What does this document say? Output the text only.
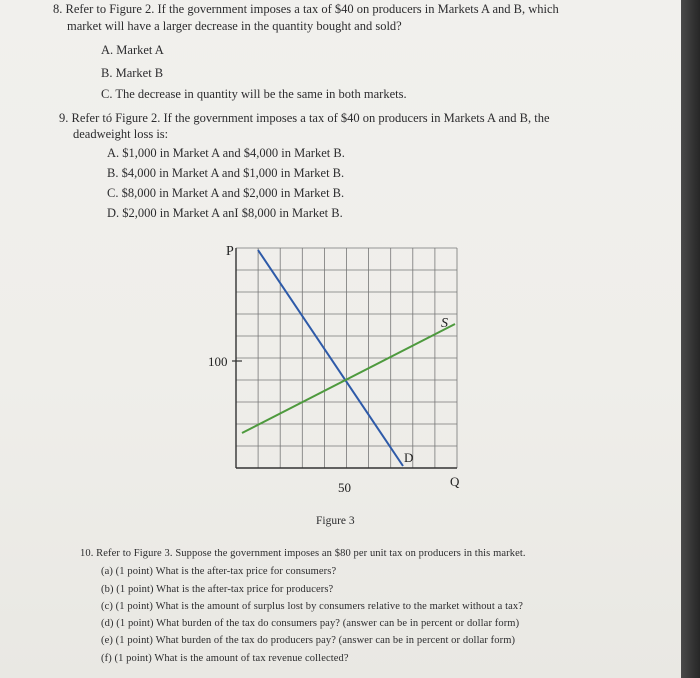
8. Refer to Figure 2. If the government imposes a tax of $40 on producers in Markets A and B, which
market will have a larger decrease in the quantity bought and sold?
A. Market A
B. Market B
C. The decrease in quantity will be the same in both markets.
9. Refer tó Figure 2. If the government imposes a tax of $40 on producers in Markets A and B, the
deadweight loss is:
A. $1,000 in Market A and $4,000 in Market B.
B. $4,000 in Market A and $1,000 in Market B.
C. $8,000 in Market A and $2,000 in Market B.
D. $2,000 in Market A anI $8,000 in Market B.
P
Q
100
50
S
D
Figure 3
10. Refer to Figure 3. Suppose the government imposes an $80 per unit tax on producers in this market.
(a) (1 point) What is the after-tax price for consumers?
(b) (1 point) What is the after-tax price for producers?
(c) (1 point) What is the amount of surplus lost by consumers relative to the market without a tax?
(d) (1 point) What burden of the tax do consumers pay? (answer can be in percent or dollar form)
(e) (1 point) What burden of the tax do producers pay? (answer can be in percent or dollar form)
(f) (1 point) What is the amount of tax revenue collected?
